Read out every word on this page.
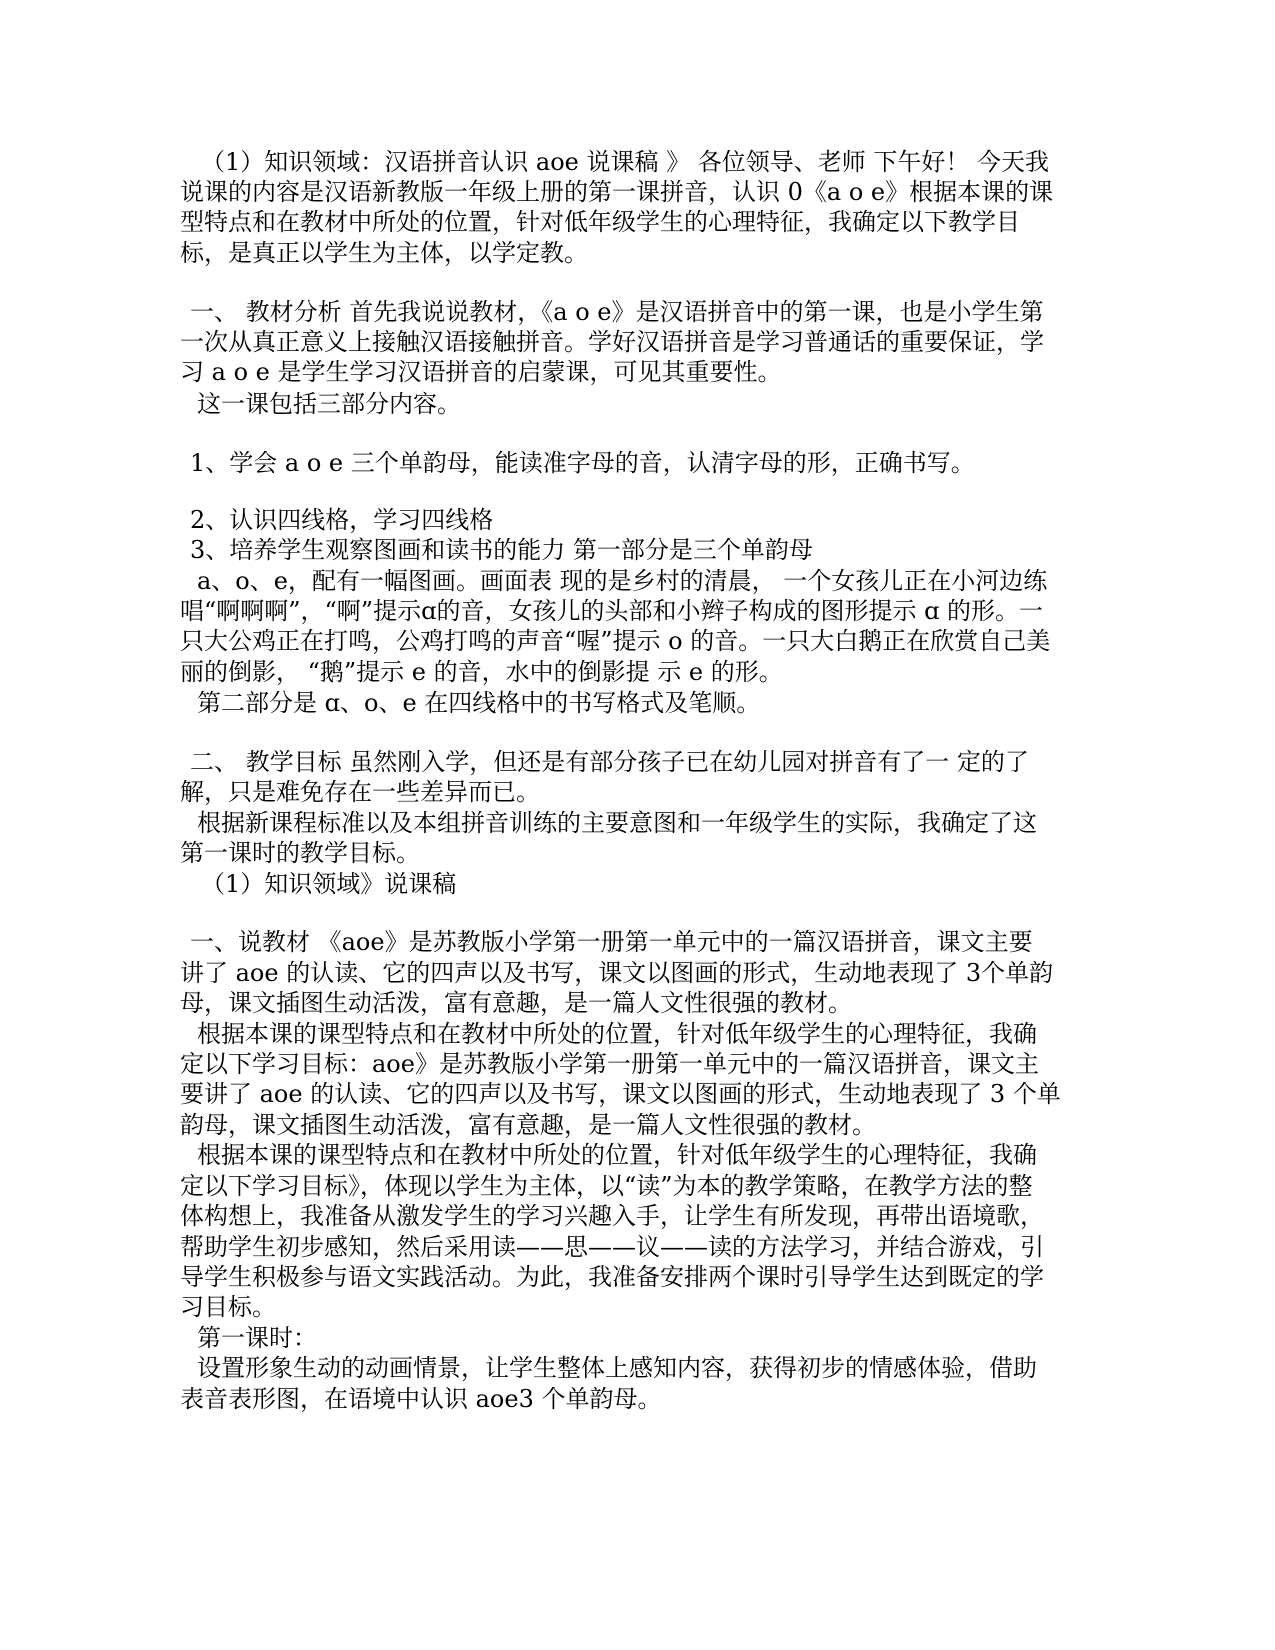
（1）知识领域：汉语拼音认识 aoe 说课稿 》 各位领导、老师 下午好！ 今天我
说课的内容是汉语新教版一年级上册的第一课拼音，认识 0《a o e》根据本课的课
型特点和在教材中所处的位置，针对低年级学生的心理特征，我确定以下教学目
标，是真正以学生为主体，以学定教。
一、 教材分析 首先我说说教材，《a o e》是汉语拼音中的第一课，也是小学生第
一次从真正意义上接触汉语接触拼音。学好汉语拼音是学习普通话的重要保证，学
习 a o e 是学生学习汉语拼音的启蒙课，可见其重要性。
这一课包括三部分内容。
1、学会 a o e 三个单韵母，能读准字母的音，认清字母的形，正确书写。
2、认识四线格，学习四线格
3、培养学生观察图画和读书的能力 第一部分是三个单韵母
a、o、e，配有一幅图画。画面表 现的是乡村的清晨， 一个女孩儿正在小河边练
唱“啊啊啊”，“啊”提示ɑ的音，女孩儿的头部和小辫子构成的图形提示 ɑ 的形。一
只大公鸡正在打鸣，公鸡打鸣的声音“喔”提示 o 的音。一只大白鹅正在欣赏自己美
丽的倒影， “鹅”提示 e 的音，水中的倒影提 示 e 的形。
第二部分是 ɑ、o、e 在四线格中的书写格式及笔顺。
二、 教学目标 虽然刚入学，但还是有部分孩子已在幼儿园对拼音有了一 定的了
解，只是难免存在一些差异而已。
根据新课程标准以及本组拼音训练的主要意图和一年级学生的实际，我确定了这
第一课时的教学目标。
（1）知识领域》说课稿
一、说教材 《aoe》是苏教版小学第一册第一单元中的一篇汉语拼音，课文主要
讲了 aoe 的认读、它的四声以及书写，课文以图画的形式，生动地表现了 3个单韵
母，课文插图生动活泼，富有意趣，是一篇人文性很强的教材。
根据本课的课型特点和在教材中所处的位置，针对低年级学生的心理特征，我确
定以下学习目标：aoe》是苏教版小学第一册第一单元中的一篇汉语拼音，课文主
要讲了 aoe 的认读、它的四声以及书写，课文以图画的形式，生动地表现了 3 个单
韵母，课文插图生动活泼，富有意趣，是一篇人文性很强的教材。
根据本课的课型特点和在教材中所处的位置，针对低年级学生的心理特征，我确
定以下学习目标》，体现以学生为主体，以“读”为本的教学策略，在教学方法的整
体构想上，我准备从激发学生的学习兴趣入手，让学生有所发现，再带出语境歌，
帮助学生初步感知，然后采用读——思——议——读的方法学习，并结合游戏，引
导学生积极参与语文实践活动。为此，我准备安排两个课时引导学生达到既定的学
习目标。
第一课时：
设置形象生动的动画情景，让学生整体上感知内容，获得初步的情感体验，借助
表音表形图，在语境中认识 aoe3 个单韵母。
